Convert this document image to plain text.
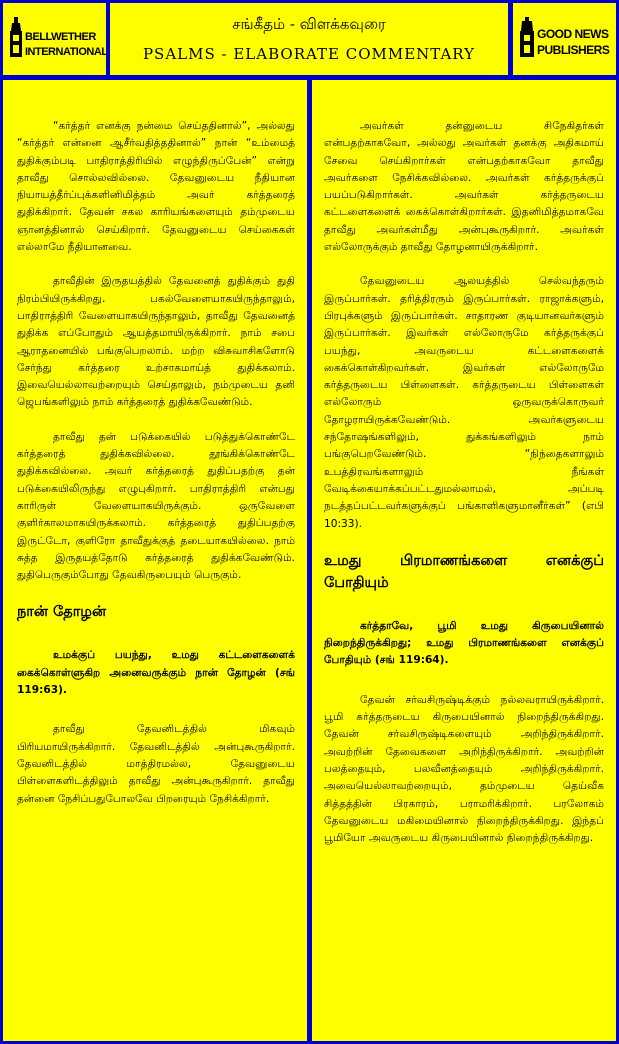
BELLWETHER
INTERNATIONAL
சங்கீதம் - விளக்கவுரை
PSALMS - ELABORATE COMMENTARY
GOOD NEWS
PUBLISHERS

“கர்த்தர் எனக்கு நன்மை செய்ததினால்”, அல்லது “கர்த்தர் என்னை ஆசீர்வதித்ததினால்” நான் “உம்மைத் துதிக்கும்படி பாதிராத்திரியில் எழுந்திருப்பேன்” என்று தாவீது சொல்லவில்லை. தேவனுடைய நீதியான நியாயத்தீர்ப்புக்களினிமித்தம் அவர் கர்த்தரைத் துதிக்கிறார். தேவன் சகல காரியங்களையும் தம்முடைய ஞானத்தினால் செய்கிறார். தேவனுடைய செய்கைகள் எல்லாமே நீதியானவை.

தாவீதின் இருதயத்தில் தேவனைத் துதிக்கும் துதி நிரம்பியிருக்கிறது. பகல்வேளையாகயிருந்தாலும், பாதிராத்திரி வேளையாகயிருந்தாலும், தாவீது தேவனைத் துதிக்க எப்போதும் ஆயத்தமாயிருக்கிறார். நாம் சபை ஆராதனையில் பங்குபெறலாம். மற்ற விசுவாசிகளோடு சேர்ந்து கர்த்தரை உற்சாகமாய்த் துதிக்கலாம். இவையெல்லாவற்றையும் செய்தாலும், நம்முடைய தனி ஜெபங்களிலும் நாம் கர்த்தரைத் துதிக்கவேண்டும்.

தாவீது தன் படுக்கையில் படுத்துக்கொண்டே கர்த்தரைத் துதிக்கவில்லை. தூங்கிக்கொண்டே துதிக்கவில்லை. அவர் கர்த்தரைத் துதிப்பதற்கு தன் படுக்கையிலிருந்து எழுபுகிறார். பாதிராத்திரி என்பது காரிருள் வேளையாகயிருக்கும். ஒருவேளை குளிர்காலமாகயிருக்கலாம். கர்த்தரைத் துதிப்பதற்கு இருட்டோ, குளிரோ தாவீதுக்குத் தடையாகயில்லை. நாம் சுத்த இருதயத்தோடு கர்த்தரைத் துதிக்கவேண்டும். துதிபெருகும்போது தேவகிருபையும் பெருகும்.

நான் தோழன்

உமக்குப் பயந்து, உமது கட்டளைகளைக் கைக்கொள்ளுகிற அனைவருக்கும் நான் தோழன் (சங் 119:63).

தாவீது தேவனிடத்தில் மிகவும் பிரியமாயிருக்கிறார். தேவனிடத்தில் அன்புகூருகிறார். தேவனிடத்தில் மாத்திரமல்ல, தேவனுடைய பிள்ளைகளிடத்திலும் தாவீது அன்புகூருகிறார். தாவீது தன்னை நேசிப்பதுபோலவே பிறரையும் நேசிக்கிறார்.

அவர்கள் தன்னுடைய சிநேகிதர்கள் என்பதற்காகவோ, அல்லது அவர்கள் தனக்கு அதிகமாய் சேவை செய்கிறார்கள் என்பதற்காகவோ தாவீது அவர்களை நேசிக்கவில்லை. அவர்கள் கர்த்தருக்குப் பயப்படுகிறார்கள். அவர்கள் கர்த்தருடைய கட்டளைகளைக் கைக்கொள்கிறார்கள். இதனிமித்தமாகவே தாவீது அவர்கள்மீது அன்புகூருகிறார். அவர்கள் எல்லோருக்கும் தாவீது தோழனாயிருக்கிறார்.

தேவனுடைய ஆலயத்தில் செல்வந்தரும் இருப்பார்கள். தரித்திரரும் இருப்பார்கள். ராஜாக்களும், பிரபுக்களும் இருப்பார்கள். சாதாரண குடியானவர்களும் இருப்பார்கள். இவர்கள் எல்லோருமே கர்த்தருக்குப் பயந்து, அவருடைய கட்டளைகளைக் கைக்கொள்கிறவர்கள். இவர்கள் எல்லோருமே கர்த்தருடைய பிள்ளைகள். கர்த்தருடைய பிள்ளைகள் எல்லோரும் ஒருவருக்கொருவர் தோழராயிருக்கவேண்டும். அவர்களுடைய சந்தோஷங்களிலும், துக்கங்களிலும் நாம் பங்குபெறவேண்டும். “நிந்தைகளாலும் உபத்திரவங்களாலும் நீங்கள் வேடிக்கையாக்கப்பட்டதுமல்லாமல், அப்படி நடத்தப்பட்டவர்களுக்குப் பங்காளிகளுமானீர்கள்” (எபி 10:33).

உமது பிரமாணங்களை எனக்குப் போதியும்

கர்த்தாவே, பூமி உமது கிருபையினால் நிறைந்திருக்கிறது; உமது பிரமாணங்களை எனக்குப் போதியும் (சங் 119:64).

தேவன் சர்வசிருஷ்டிக்கும் நல்லவராயிருக்கிறார். பூமி கர்த்தருடைய கிருபையினால் நிறைந்திருக்கிறது. தேவன் சர்வசிருஷ்டிகளையும் அறிந்திருக்கிறார். அவற்றின் தேவைகளை அறிந்திருக்கிறார். அவற்றின் பலத்தையும், பலவீனத்தையும் அறிந்திருக்கிறார். அவையெல்லாவற்றையும், தம்முடைய தெய்வீக சித்தத்தின் பிரகாரம், பராமரிக்கிறார். பரலோகம் தேவனுடைய மகிமையினால் நிறைந்திருக்கிறது. இந்தப் பூமியோ அவருடைய கிருபையினால் நிறைந்திருக்கிறது.
